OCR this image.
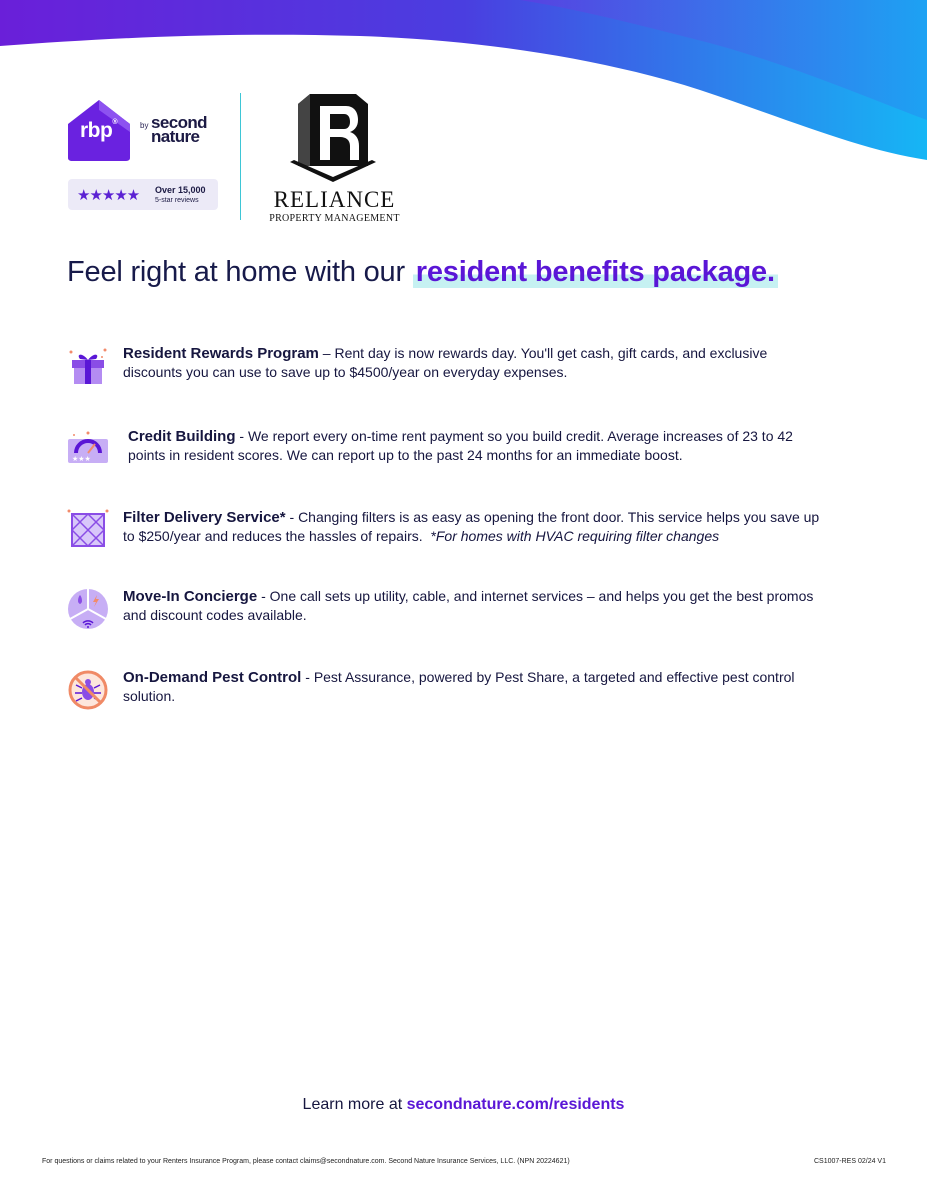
rbp®	by second nature
★★★★★ Over 15,000
5-star reviews	RELIANCE
PROPERTY MANAGEMENT
Feel right at home with our resident benefits package.
Resident Rewards Program – Rent day is now rewards day. You'll get cash, gift cards, and exclusive
discounts you can use to save up to $4500/year on everyday expenses.
★★★
Credit Building - We report every on-time rent payment so you build credit. Average increases of 23 to 42
points in resident scores. We can report up to the past 24 months for an immediate boost.
Filter Delivery Service* - Changing filters is as easy as opening the front door. This service helps you save up
to $250/year and reduces the hassles of repairs. *For homes with HVAC requiring filter changes
Move-In Concierge - One call sets up utility, cable, and internet services – and helps you get the best promos
and discount codes available.
On-Demand Pest Control - Pest Assurance, powered by Pest Share, a targeted and effective pest control
solution.
Learn more at secondnature.com/residents
For questions or claims related to your Renters Insurance Program, please contact claims@secondnature.com. Second Nature Insurance Services, LLC. (NPN 20224621)	CS1007-RES 02/24 V1
